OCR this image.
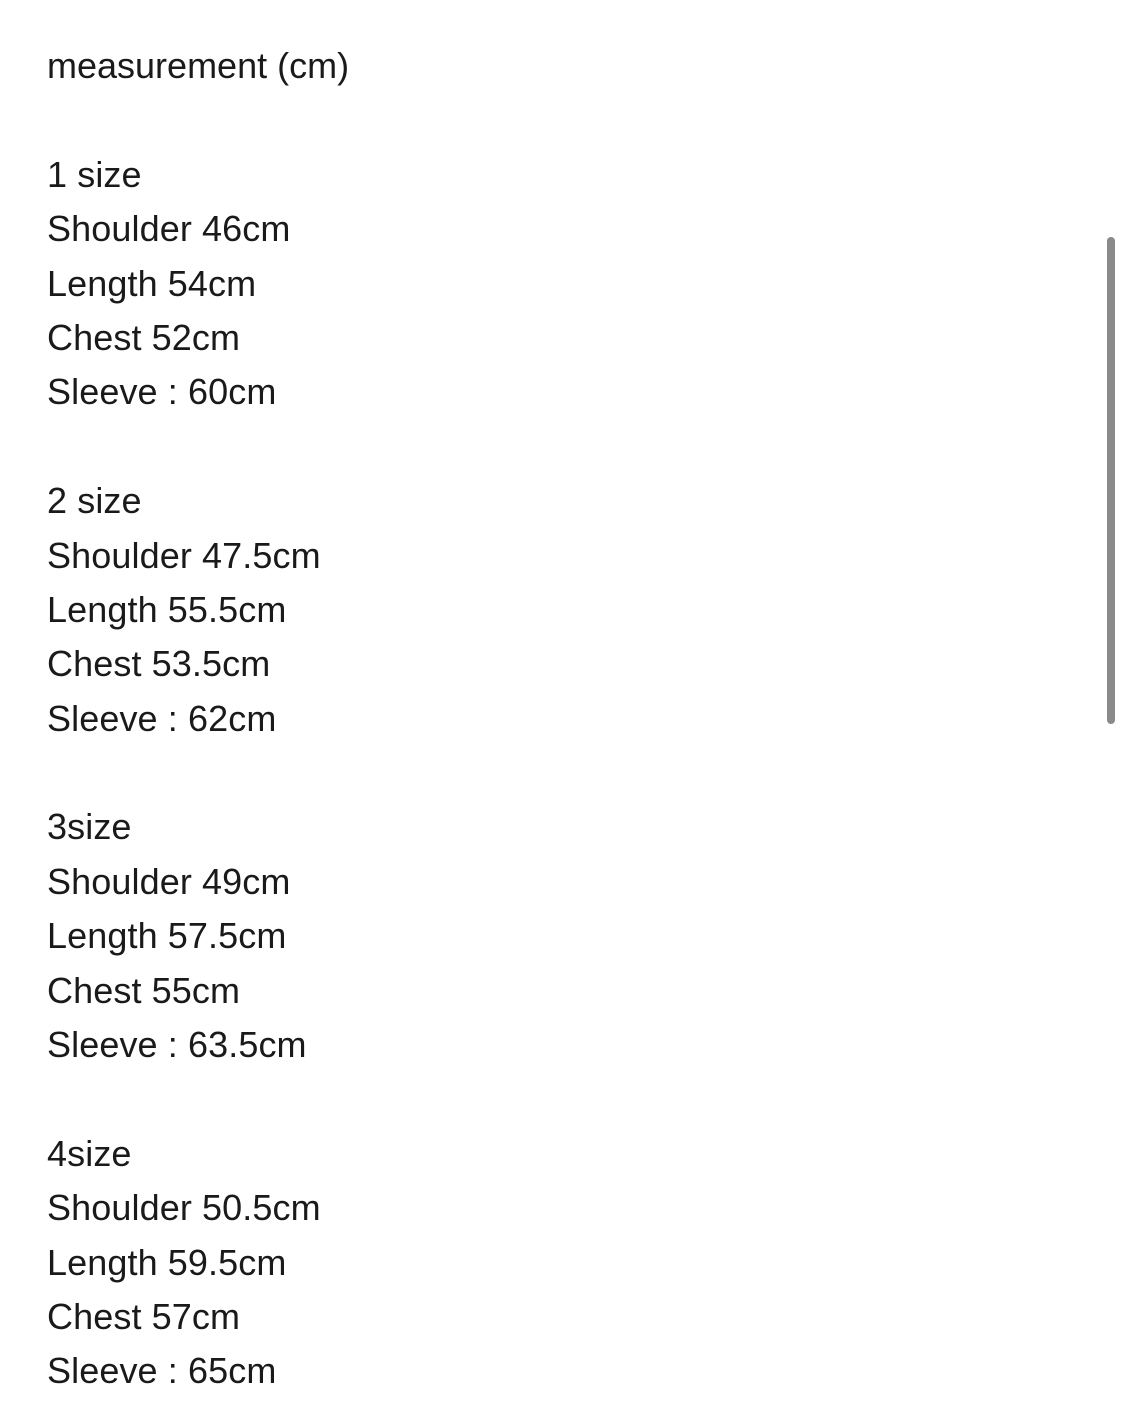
measurement (cm)
1 size
Shoulder 46cm
Length 54cm
Chest 52cm
Sleeve : 60cm
2 size
Shoulder 47.5cm
Length 55.5cm
Chest 53.5cm
Sleeve : 62cm
3size
Shoulder 49cm
Length 57.5cm
Chest 55cm
Sleeve : 63.5cm
4size
Shoulder 50.5cm
Length 59.5cm
Chest 57cm
Sleeve : 65cm
